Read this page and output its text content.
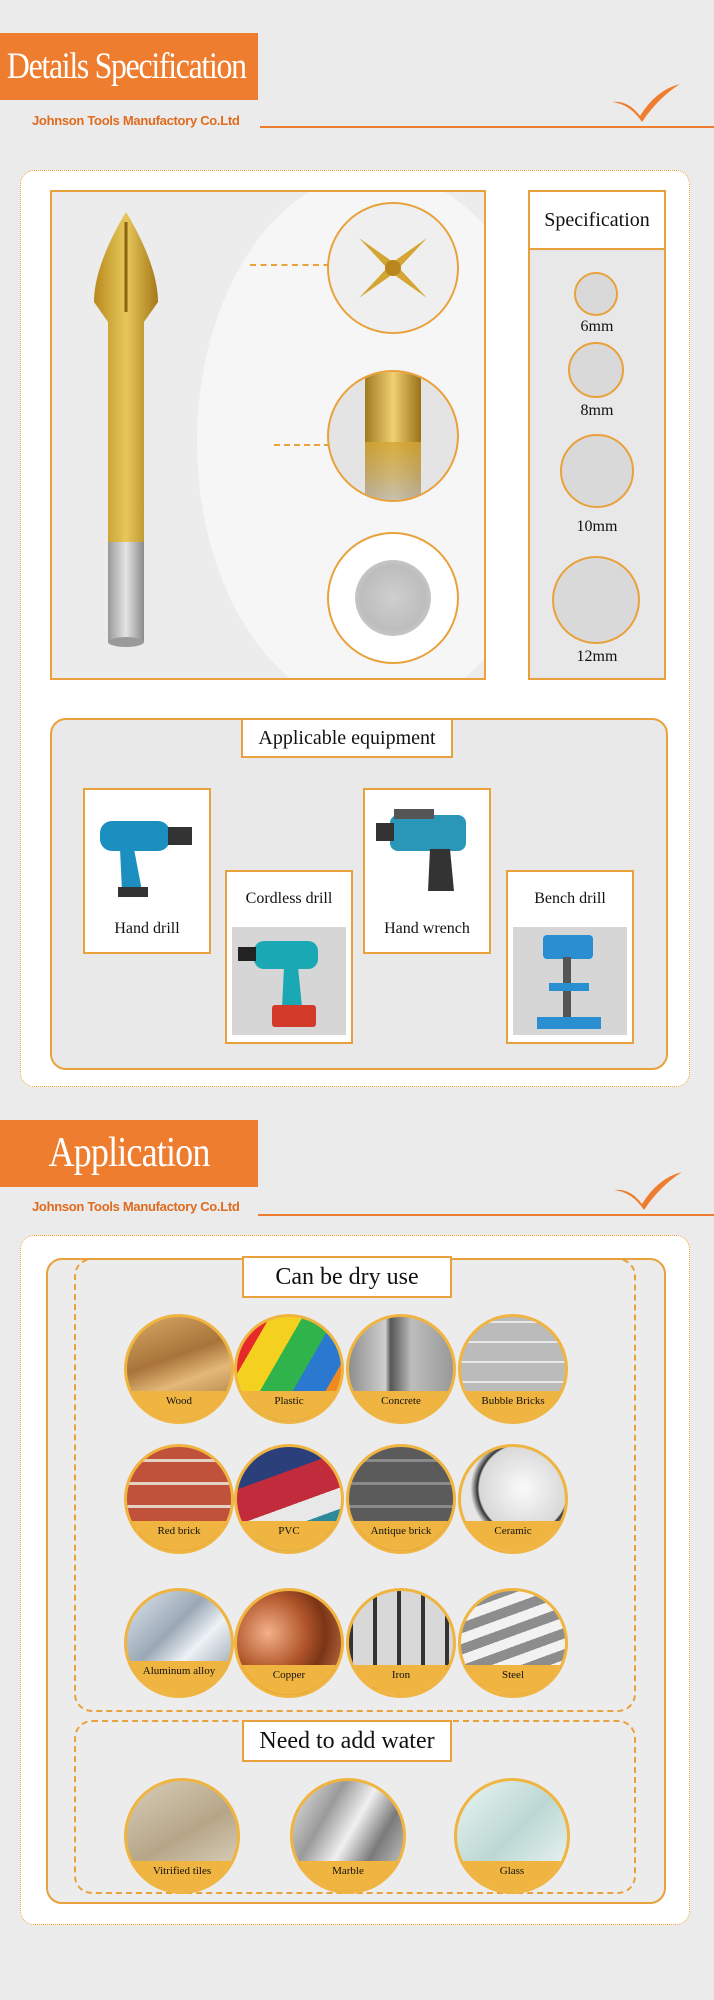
Details Specification
Johnson Tools Manufactory Co.Ltd
Specification
6mm
8mm
10mm
12mm
Applicable equipment
Hand drill
Cordless drill
Hand wrench
Bench drill
Application
Johnson Tools Manufactory Co.Ltd
Can be dry use
Wood	Plastic	Concrete	Bubble Bricks
Red brick	PVC	Antique brick	Ceramic
Aluminum alloy	Copper	Iron	Steel
Need to add water
Vitrified tiles	Marble	Glass
